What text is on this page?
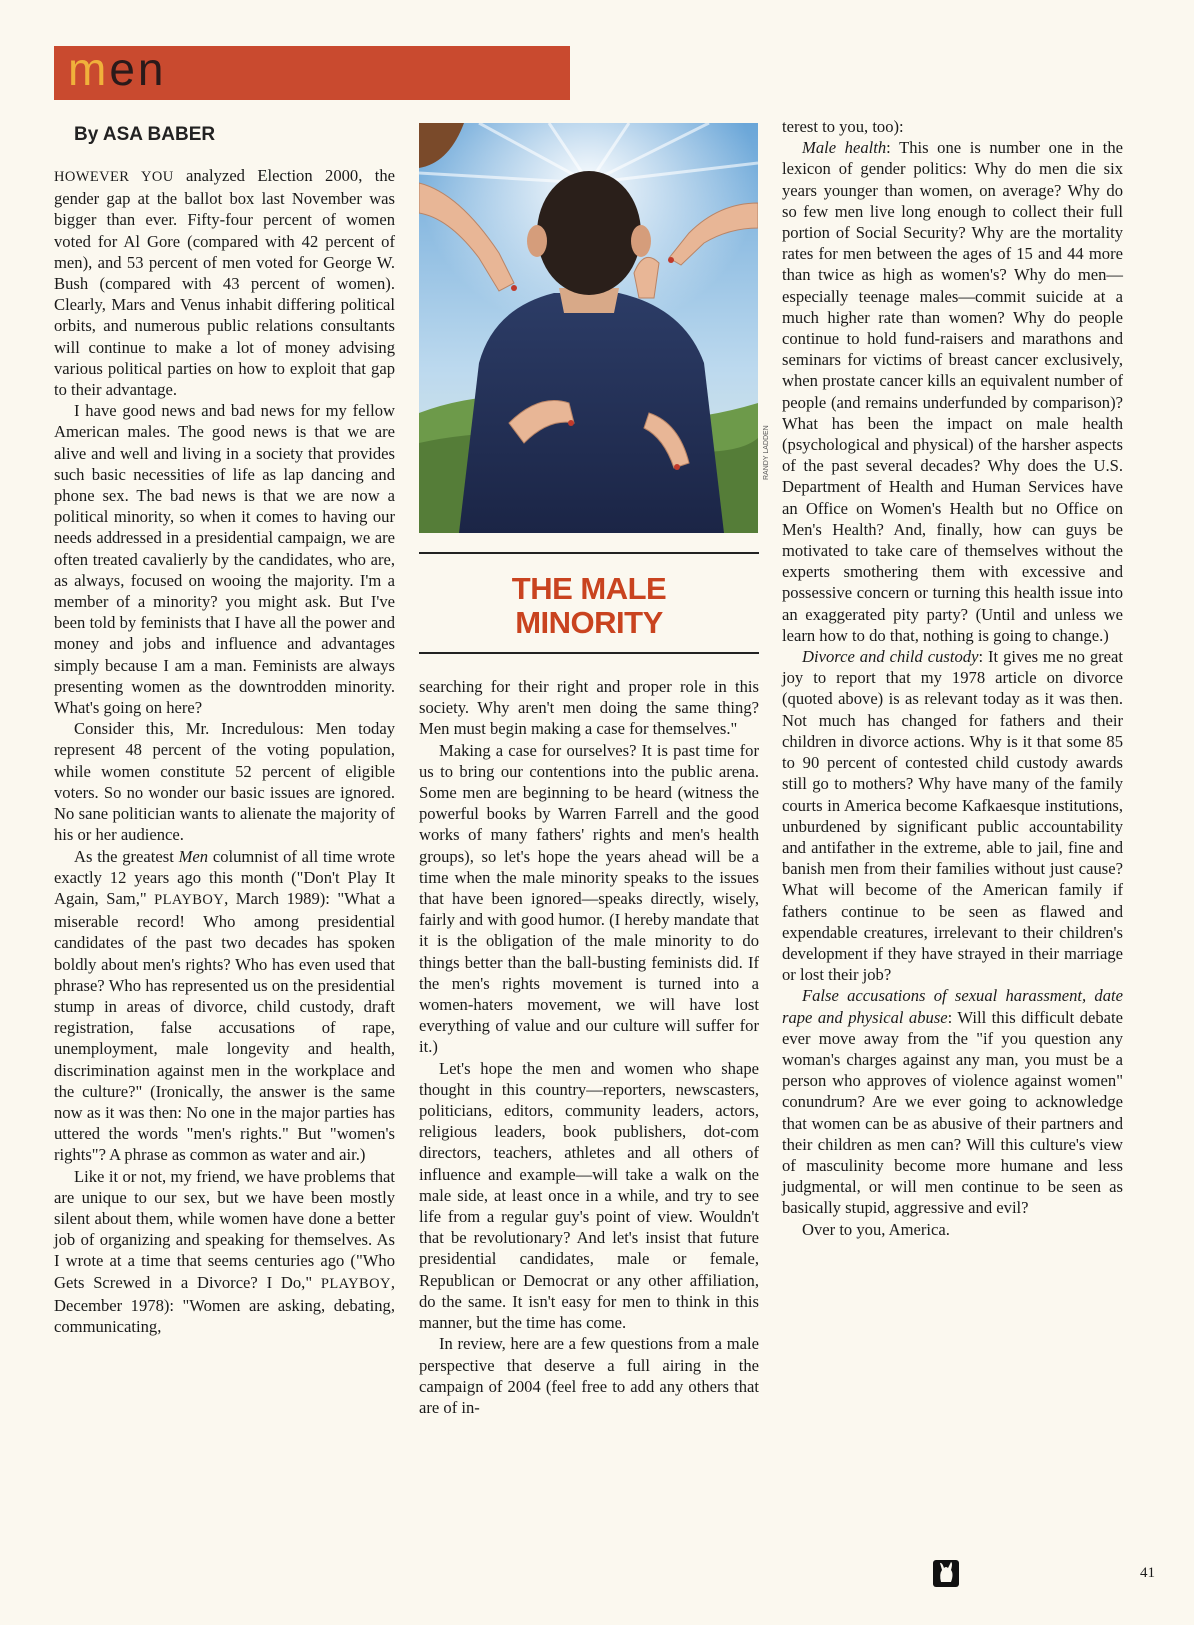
men
By ASA BABER

HOWEVER YOU analyzed Election 2000, the gender gap at the ballot box last November was bigger than ever. Fifty-four percent of women voted for Al Gore (compared with 42 percent of men), and 53 percent of men voted for George W. Bush (compared with 43 percent of women). Clearly, Mars and Venus inhabit differing political orbits, and numerous public relations consultants will continue to make a lot of money advising various political parties on how to exploit that gap to their advantage.

I have good news and bad news for my fellow American males. The good news is that we are alive and well and living in a society that provides such basic necessities of life as lap dancing and phone sex. The bad news is that we are now a political minority, so when it comes to having our needs addressed in a presidential campaign, we are often treated cavalierly by the candidates, who are, as always, focused on wooing the majority. I'm a member of a minority? you might ask. But I've been told by feminists that I have all the power and money and jobs and influence and advantages simply because I am a man. Feminists are always presenting women as the downtrodden minority. What's going on here?

Consider this, Mr. Incredulous: Men today represent 48 percent of the voting population, while women constitute 52 percent of eligible voters. So no wonder our basic issues are ignored. No sane politician wants to alienate the majority of his or her audience.

As the greatest Men columnist of all time wrote exactly 12 years ago this month ("Don't Play It Again, Sam," PLAYBOY, March 1989): "What a miserable record! Who among presidential candidates of the past two decades has spoken boldly about men's rights? Who has even used that phrase? Who has represented us on the presidential stump in areas of divorce, child custody, draft registration, false accusations of rape, unemployment, male longevity and health, discrimination against men in the workplace and the culture?" (Ironically, the answer is the same now as it was then: No one in the major parties has uttered the words "men's rights." But "women's rights"? A phrase as common as water and air.)

Like it or not, my friend, we have problems that are unique to our sex, but we have been mostly silent about them, while women have done a better job of organizing and speaking for themselves. As I wrote at a time that seems centuries ago ("Who Gets Screwed in a Divorce? I Do," PLAYBOY, December 1978): "Women are asking, debating, communicating,

RANDY LADDEN
THE MALE
MINORITY

searching for their right and proper role in this society. Why aren't men doing the same thing? Men must begin making a case for themselves."

Making a case for ourselves? It is past time for us to bring our contentions into the public arena. Some men are beginning to be heard (witness the powerful books by Warren Farrell and the good works of many fathers' rights and men's health groups), so let's hope the years ahead will be a time when the male minority speaks to the issues that have been ignored—speaks directly, wisely, fairly and with good humor. (I hereby mandate that it is the obligation of the male minority to do things better than the ball-busting feminists did. If the men's rights movement is turned into a women-haters movement, we will have lost everything of value and our culture will suffer for it.)

Let's hope the men and women who shape thought in this country—reporters, newscasters, politicians, editors, community leaders, actors, religious leaders, book publishers, dot-com directors, teachers, athletes and all others of influence and example—will take a walk on the male side, at least once in a while, and try to see life from a regular guy's point of view. Wouldn't that be revolutionary? And let's insist that future presidential candidates, male or female, Republican or Democrat or any other affiliation, do the same. It isn't easy for men to think in this manner, but the time has come.

In review, here are a few questions from a male perspective that deserve a full airing in the campaign of 2004 (feel free to add any others that are of in-

terest to you, too):

Male health: This one is number one in the lexicon of gender politics: Why do men die six years younger than women, on average? Why do so few men live long enough to collect their full portion of Social Security? Why are the mortality rates for men between the ages of 15 and 44 more than twice as high as women's? Why do men—especially teenage males—commit suicide at a much higher rate than women? Why do people continue to hold fund-raisers and marathons and seminars for victims of breast cancer exclusively, when prostate cancer kills an equivalent number of people (and remains underfunded by comparison)? What has been the impact on male health (psychological and physical) of the harsher aspects of the past several decades? Why does the U.S. Department of Health and Human Services have an Office on Women's Health but no Office on Men's Health? And, finally, how can guys be motivated to take care of themselves without the experts smothering them with excessive and possessive concern or turning this health issue into an exaggerated pity party? (Until and unless we learn how to do that, nothing is going to change.)

Divorce and child custody: It gives me no great joy to report that my 1978 article on divorce (quoted above) is as relevant today as it was then. Not much has changed for fathers and their children in divorce actions. Why is it that some 85 to 90 percent of contested child custody awards still go to mothers? Why have many of the family courts in America become Kafkaesque institutions, unburdened by significant public accountability and antifather in the extreme, able to jail, fine and banish men from their families without just cause? What will become of the American family if fathers continue to be seen as flawed and expendable creatures, irrelevant to their children's development if they have strayed in their marriage or lost their job?

False accusations of sexual harassment, date rape and physical abuse: Will this difficult debate ever move away from the "if you question any woman's charges against any man, you must be a person who approves of violence against women" conundrum? Are we ever going to acknowledge that women can be as abusive of their partners and their children as men can? Will this culture's view of masculinity become more humane and less judgmental, or will men continue to be seen as basically stupid, aggressive and evil?

Over to you, America.

41
